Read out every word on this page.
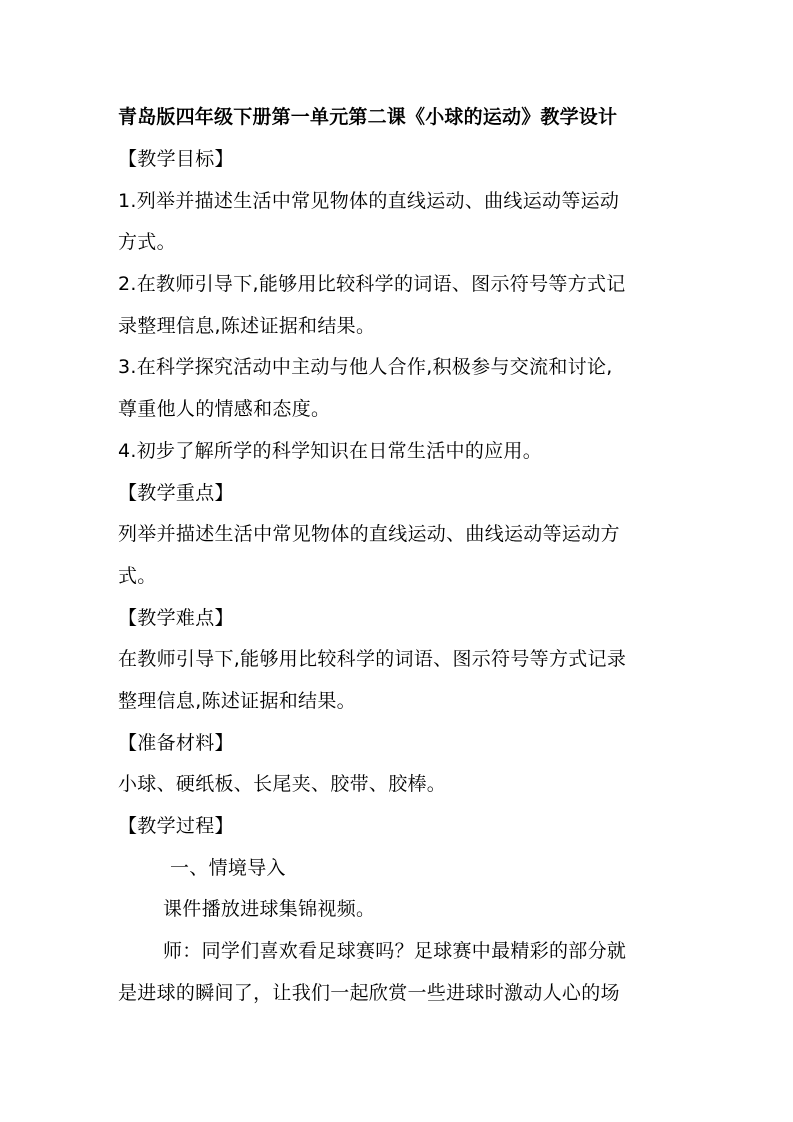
青岛版四年级下册第一单元第二课《小球的运动》教学设计
【教学目标】
1.列举并描述生活中常见物体的直线运动、曲线运动等运动
方式。
2.在教师引导下,能够用比较科学的词语、图示符号等方式记
录整理信息,陈述证据和结果。
3.在科学探究活动中主动与他人合作,积极参与交流和讨论,
尊重他人的情感和态度。
4.初步了解所学的科学知识在日常生活中的应用。
【教学重点】
列举并描述生活中常见物体的直线运动、曲线运动等运动方
式。
【教学难点】
在教师引导下,能够用比较科学的词语、图示符号等方式记录
整理信息,陈述证据和结果。
【准备材料】
小球、硬纸板、长尾夹、胶带、胶棒。
【教学过程】
一、情境导入
课件播放进球集锦视频。
师：同学们喜欢看足球赛吗？足球赛中最精彩的部分就
是进球的瞬间了，让我们一起欣赏一些进球时激动人心的场
